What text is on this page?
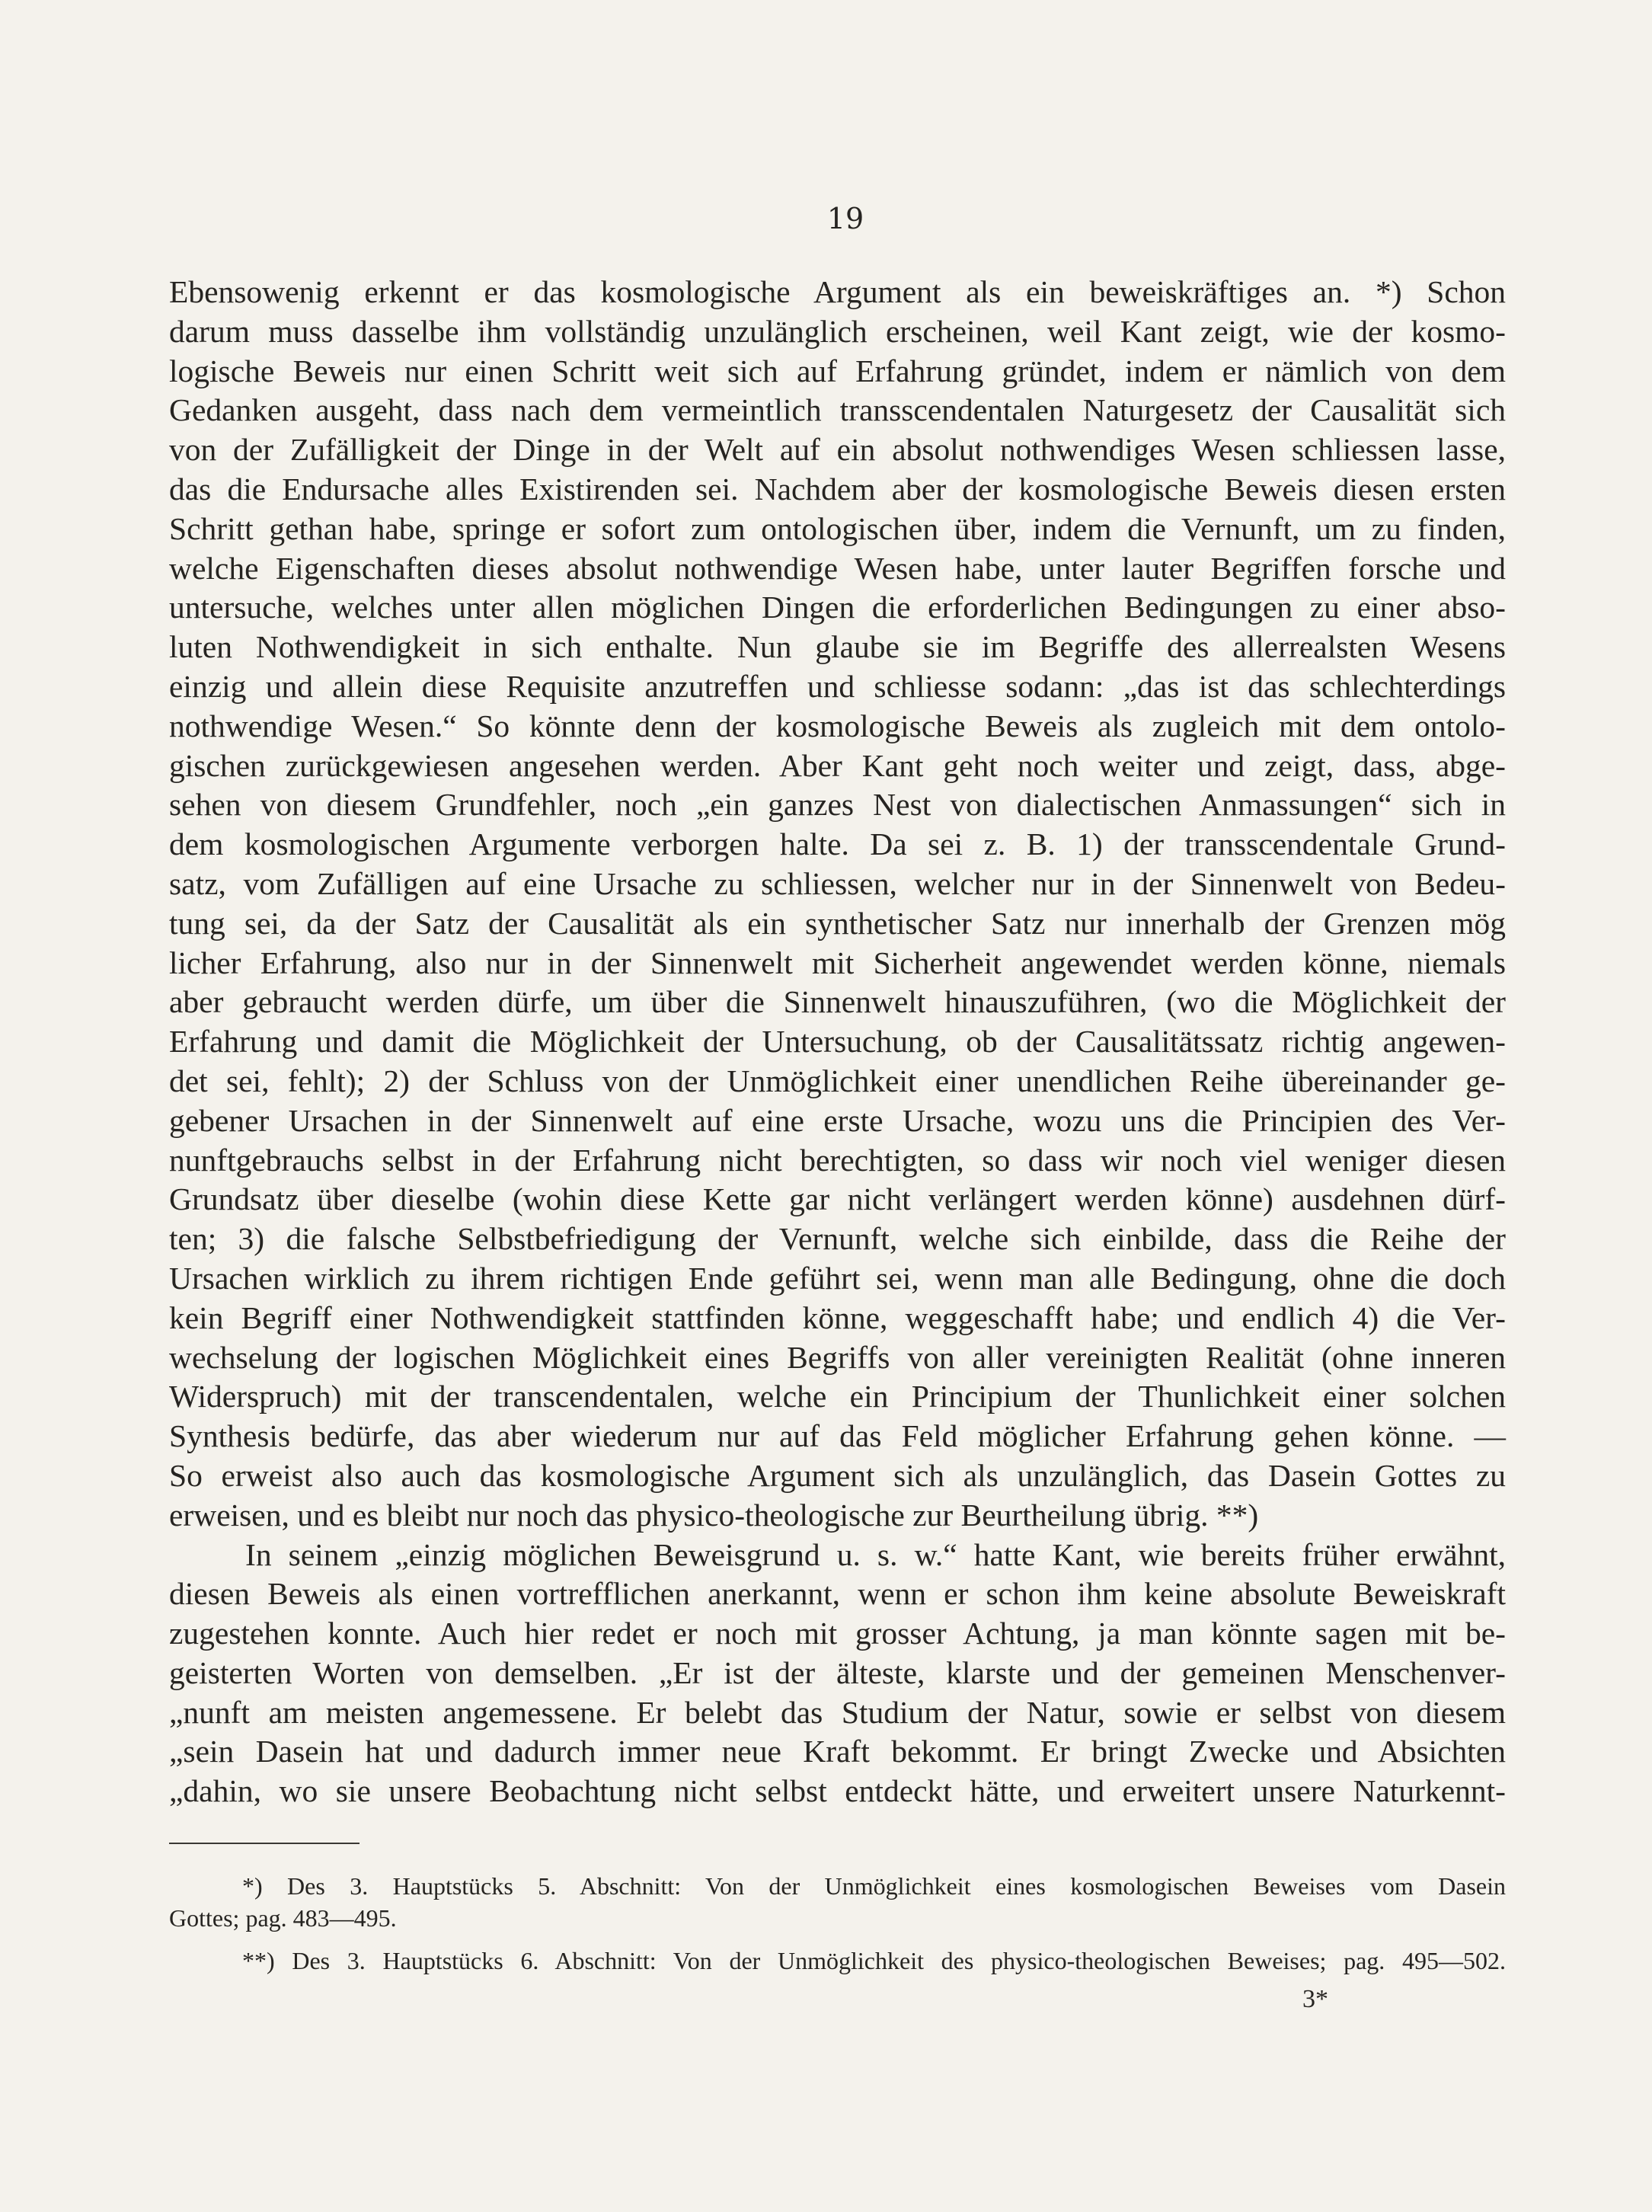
19
Ebensowenig erkennt er das kosmologische Argument als ein beweiskräftiges an. *) Schon
darum muss dasselbe ihm vollständig unzulänglich erscheinen, weil Kant zeigt, wie der kosmo-
logische Beweis nur einen Schritt weit sich auf Erfahrung gründet, indem er nämlich von dem
Gedanken ausgeht, dass nach dem vermeintlich transscendentalen Naturgesetz der Causalität sich
von der Zufälligkeit der Dinge in der Welt auf ein absolut nothwendiges Wesen schliessen lasse,
das die Endursache alles Existirenden sei. Nachdem aber der kosmologische Beweis diesen ersten
Schritt gethan habe, springe er sofort zum ontologischen über, indem die Vernunft, um zu finden,
welche Eigenschaften dieses absolut nothwendige Wesen habe, unter lauter Begriffen forsche und
untersuche, welches unter allen möglichen Dingen die erforderlichen Bedingungen zu einer abso-
luten Nothwendigkeit in sich enthalte. Nun glaube sie im Begriffe des allerrealsten Wesens
einzig und allein diese Requisite anzutreffen und schliesse sodann: „das ist das schlechterdings
nothwendige Wesen.“ So könnte denn der kosmologische Beweis als zugleich mit dem ontolo-
gischen zurückgewiesen angesehen werden. Aber Kant geht noch weiter und zeigt, dass, abge-
sehen von diesem Grundfehler, noch „ein ganzes Nest von dialectischen Anmassungen“ sich in
dem kosmologischen Argumente verborgen halte. Da sei z. B. 1) der transscendentale Grund-
satz, vom Zufälligen auf eine Ursache zu schliessen, welcher nur in der Sinnenwelt von Bedeu-
tung sei, da der Satz der Causalität als ein synthetischer Satz nur innerhalb der Grenzen mög
licher Erfahrung, also nur in der Sinnenwelt mit Sicherheit angewendet werden könne, niemals
aber gebraucht werden dürfe, um über die Sinnenwelt hinauszuführen, (wo die Möglichkeit der
Erfahrung und damit die Möglichkeit der Untersuchung, ob der Causalitätssatz richtig angewen-
det sei, fehlt); 2) der Schluss von der Unmöglichkeit einer unendlichen Reihe übereinander ge-
gebener Ursachen in der Sinnenwelt auf eine erste Ursache, wozu uns die Principien des Ver-
nunftgebrauchs selbst in der Erfahrung nicht berechtigten, so dass wir noch viel weniger diesen
Grundsatz über dieselbe (wohin diese Kette gar nicht verlängert werden könne) ausdehnen dürf-
ten; 3) die falsche Selbstbefriedigung der Vernunft, welche sich einbilde, dass die Reihe der
Ursachen wirklich zu ihrem richtigen Ende geführt sei, wenn man alle Bedingung, ohne die doch
kein Begriff einer Nothwendigkeit stattfinden könne, weggeschafft habe; und endlich 4) die Ver-
wechselung der logischen Möglichkeit eines Begriffs von aller vereinigten Realität (ohne inneren
Widerspruch) mit der transcendentalen, welche ein Principium der Thunlichkeit einer solchen
Synthesis bedürfe, das aber wiederum nur auf das Feld möglicher Erfahrung gehen könne. —
So erweist also auch das kosmologische Argument sich als unzulänglich, das Dasein Gottes zu
erweisen, und es bleibt nur noch das physico-theologische zur Beurtheilung übrig. **)
In seinem „einzig möglichen Beweisgrund u. s. w.“ hatte Kant, wie bereits früher erwähnt,
diesen Beweis als einen vortrefflichen anerkannt, wenn er schon ihm keine absolute Beweiskraft
zugestehen konnte. Auch hier redet er noch mit grosser Achtung, ja man könnte sagen mit be-
geisterten Worten von demselben. „Er ist der älteste, klarste und der gemeinen Menschenver-
„nunft am meisten angemessene. Er belebt das Studium der Natur, sowie er selbst von diesem
„sein Dasein hat und dadurch immer neue Kraft bekommt. Er bringt Zwecke und Absichten
„dahin, wo sie unsere Beobachtung nicht selbst entdeckt hätte, und erweitert unsere Naturkennt-
*) Des 3. Hauptstücks 5. Abschnitt: Von der Unmöglichkeit eines kosmologischen Beweises vom Dasein
Gottes; pag. 483—495.
**) Des 3. Hauptstücks 6. Abschnitt: Von der Unmöglichkeit des physico-theologischen Beweises; pag. 495—502.
3*
